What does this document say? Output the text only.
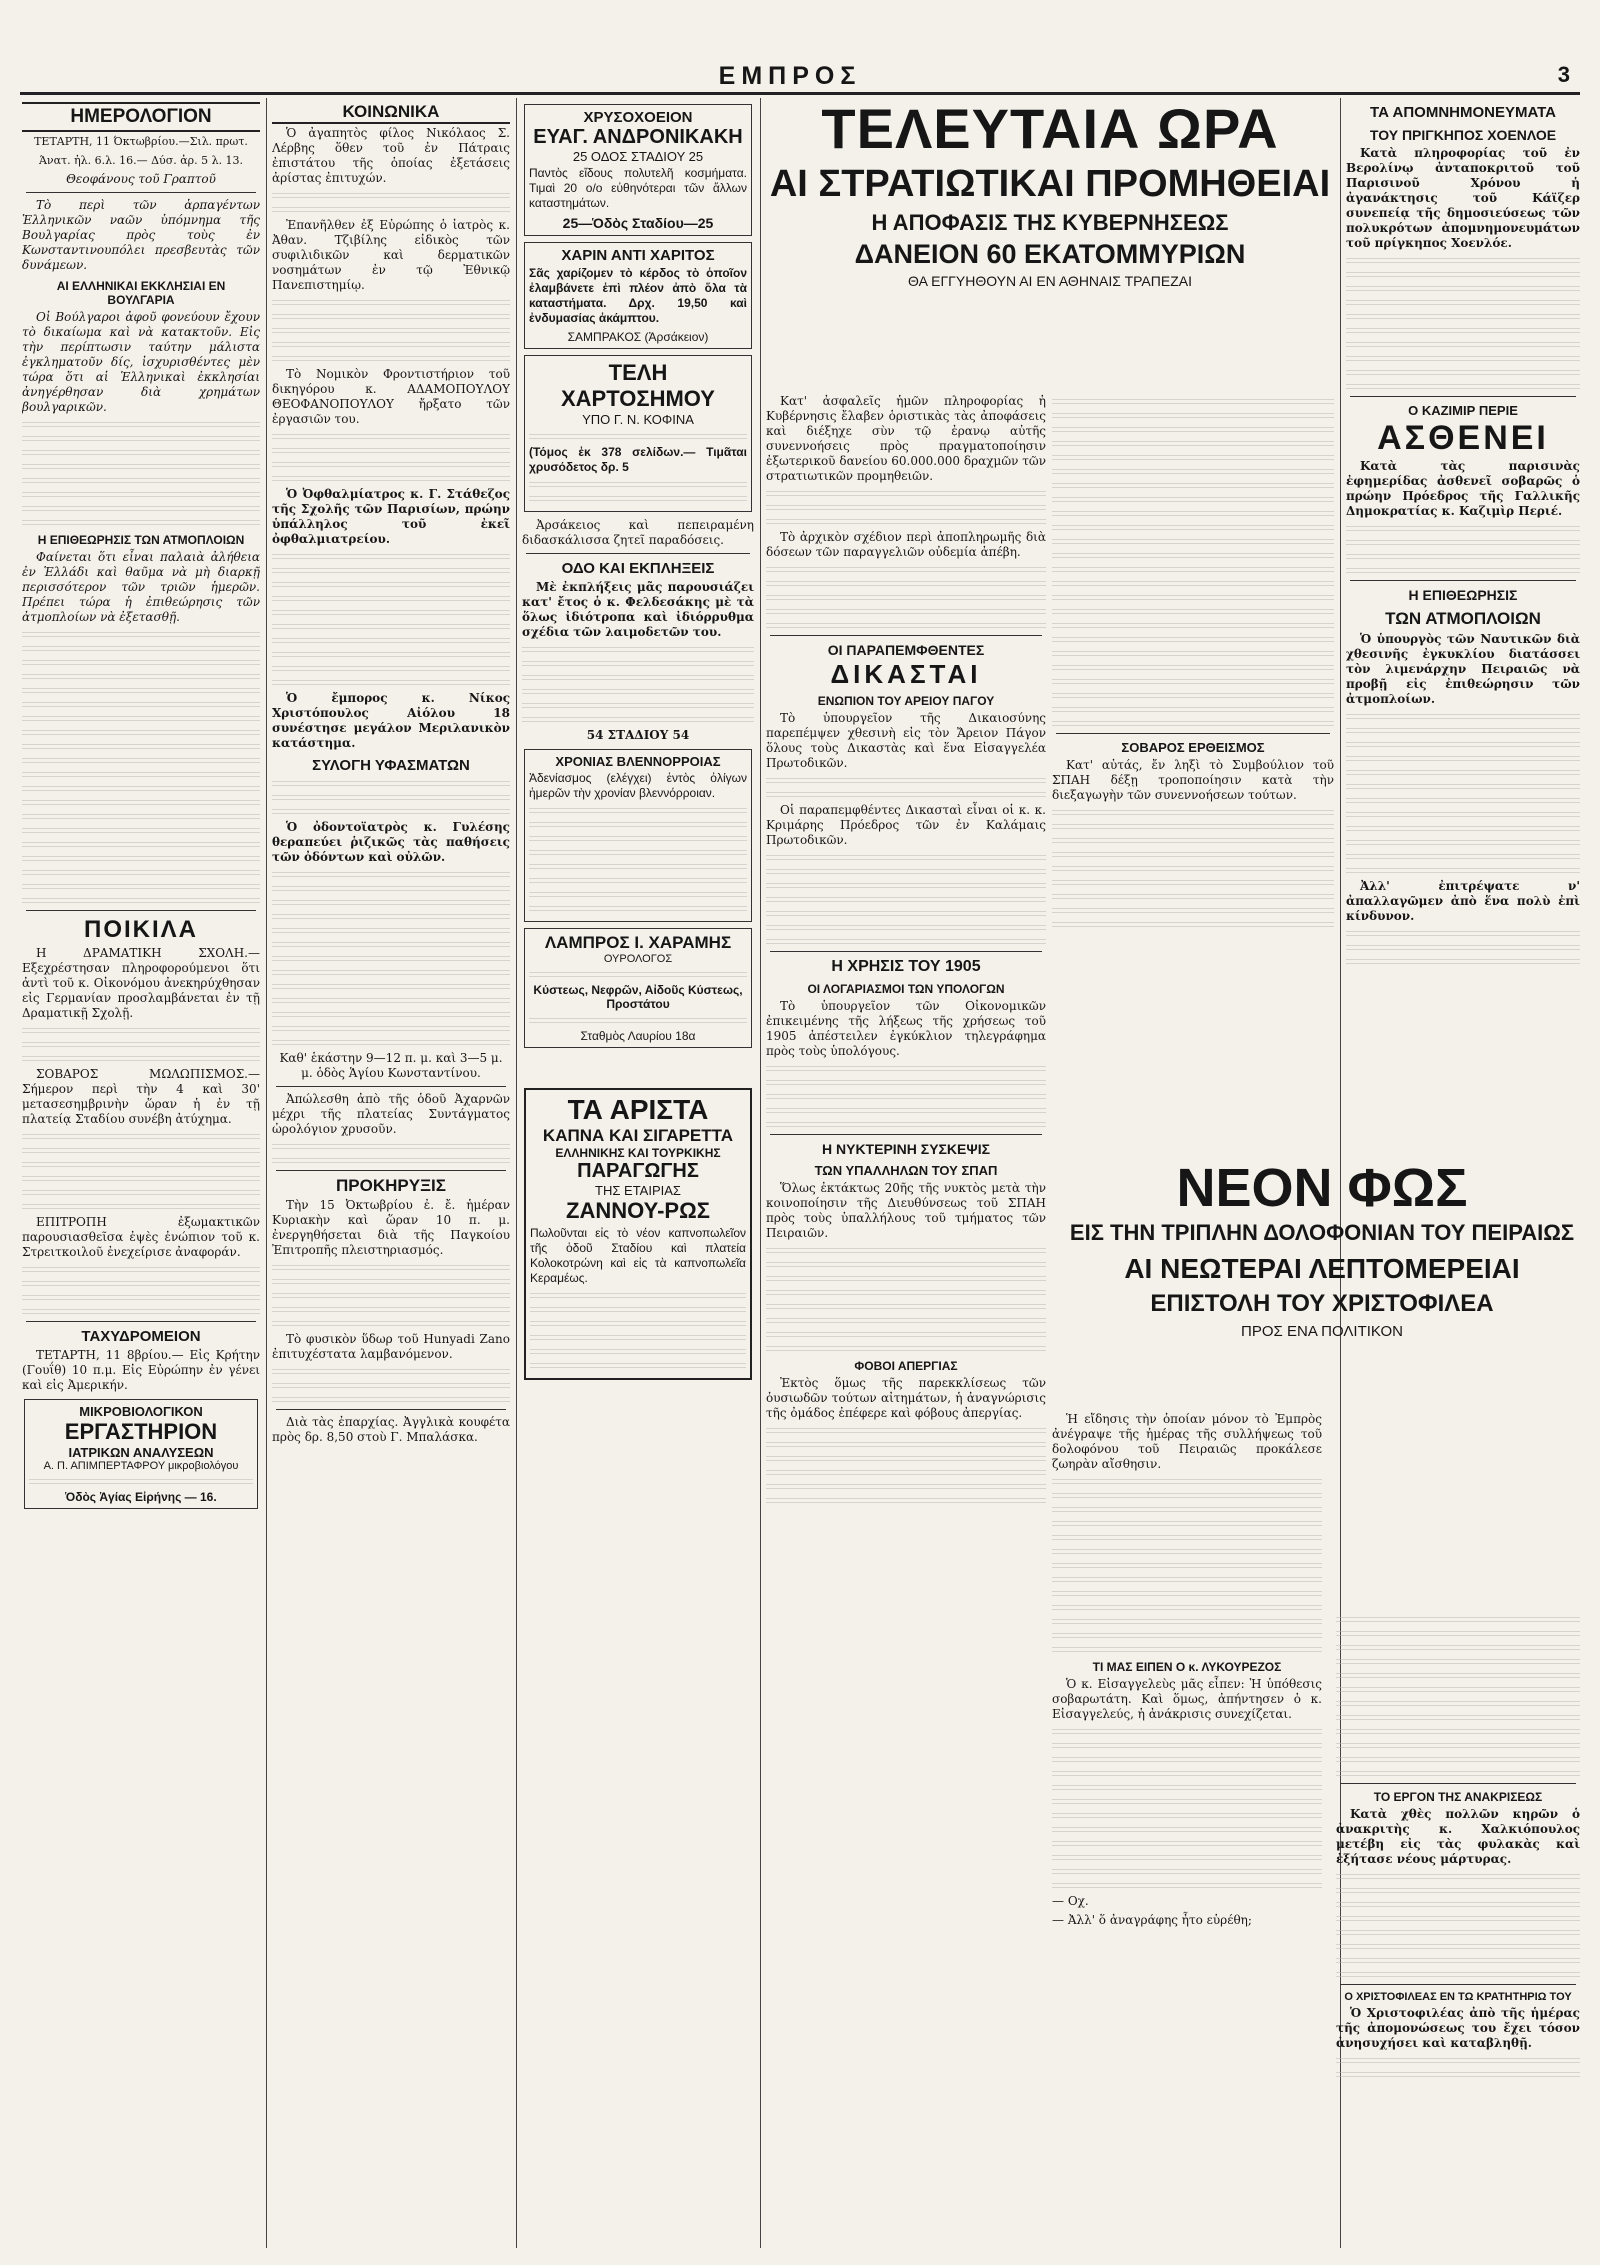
ΕΜΠΡΟΣ	3
ΗΜΕΡΟΛΟΓΙΟΝ
ΤΕΤΑΡΤΗ, 11 Όκτωβρίου.—Σιλ. πρωτ.
Άνατ. ἡλ. 6.λ. 16.— Δύσ. ἀρ. 5 λ. 13.
Θεοφάνους τοῦ Γραπτοῦ
Τὸ περὶ τῶν ἁρπαγέντων Ἑλληνικῶν ναῶν ὑπόμνημα τῆς Βουλγαρίας πρὸς τοὺς ἐν Κωνσταντινουπόλει πρεσβευτὰς τῶν δυνάμεων.
ΑΙ ΕΛΛΗΝΙΚΑΙ ΕΚΚΛΗΣΙΑΙ ΕΝ ΒΟΥΛΓΑΡΙΑ
Οἱ Βούλγαροι ἀφοῦ φονεύουν ἔχουν τὸ δικαίωμα καὶ νὰ κατακτοῦν. Εἰς τὴν περίπτωσιν ταύτην μάλιστα ἐγκληματοῦν δίς, ἰσχυρισθέντες μὲν τώρα ὅτι αἱ Ἑλληνικαὶ ἐκκλησίαι ἀνηγέρθησαν διὰ χρημάτων βουλγαρικῶν.
Η ΕΠΙΘΕΩΡΗΣΙΣ ΤΩΝ ΑΤΜΟΠΛΟΙΩΝ
Φαίνεται ὅτι εἶναι παλαιὰ ἀλήθεια ἐν Ἑλλάδι καὶ θαῦμα νὰ μὴ διαρκῇ περισσότερον τῶν τριῶν ἡμερῶν. Πρέπει τώρα ἡ ἐπιθεώρησις τῶν ἀτμοπλοίων νὰ ἐξετασθῇ.
ΠΟΙΚΙΛΑ
Η ΔΡΑΜΑΤΙΚΗ ΣΧΟΛΗ.—Εξεχρέστησαν πληροφορούμενοι ὅτι ἀντὶ τοῦ κ. Οἰκονόμου ἀνεκηρύχθησαν εἰς Γερμανίαν προσλαμβάνεται ἐν τῇ Δραματικῇ Σχολῇ.
ΣΟΒΑΡΟΣ ΜΩΛΩΠΙΣΜΟΣ.— Σήμερον περὶ τὴν 4 καὶ 30' μετασεσημβρινὴν ὥραν ἡ ἐν τῇ πλατείᾳ Σταδίου συνέβη ἀτύχημα.
ΕΠΙΤΡΟΠΗ ἐξωμακτικῶν παρουσιασθεῖσα ἐψὲς ἐνώπιον τοῦ κ. Στρειτκοιλοῦ ἐνεχείρισε ἀναφοράν.
ΤΑΧΥΔΡΟΜΕΙΟΝ
ΤΕΤΑΡΤΗ, 11 8βρίου.— Εἰς Κρήτην (Γουΐθ) 10 π.μ. Εἰς Εὐρώπην ἐν γένει καὶ εἰς Ἀμερικήν.
ΜΙΚΡΟΒΙΟΛΟΓΙΚΟΝ
ΕΡΓΑΣΤΗΡΙΟΝ
ΙΑΤΡΙΚΩΝ ΑΝΑΛΥΣΕΩΝ
Α. Π. ΑΠΙΜΠΕΡΤΑΦΡΟΥ μικροβιολόγου
Ὁδὸς Ἁγίας Εἰρήνης — 16.
ΚΟΙΝΩΝΙΚΑ
Ὁ ἀγαπητὸς φίλος Νικόλαος Σ. Λέρβης ὅθεν τοῦ ἐν Πάτραις ἐπιστάτου τῆς ὁποίας ἐξετάσεις ἀρίστας ἐπιτυχών.
Ἐπανῆλθεν ἐξ Εὐρώπης ὁ ἰατρὸς κ. Ἀθαν. Τζιβίλης εἰδικὸς τῶν συφιλιδικῶν καὶ δερματικῶν νοσημάτων ἐν τῷ Ἐθνικῷ Πανεπιστημίῳ.
Τὸ Νομικὸν Φροντιστήριον τοῦ δικηγόρου κ. ΑΔΑΜΟΠΟΥΛΟΥ ΘΕΟΦΑΝΟΠΟΥΛΟΥ ἤρξατο τῶν ἐργασιῶν του.
Ὁ Ὀφθαλμίατρος κ. Γ. Στάθεζος τῆς Σχολῆς τῶν Παρισίων, πρώην ὑπάλληλος τοῦ ἐκεῖ ὀφθαλμιατρείου.
Ὁ ἔμπορος κ. Νίκος Χριστόπουλος Αἰόλου 18 συνέστησε μεγάλον Μεριλανικὸν κατάστημα.
ΣΥΛΟΓΗ ΥΦΑΣΜΑΤΩΝ
Ὁ ὀδοντοϊατρὸς κ. Γυλέσης θεραπεύει ῥιζικῶς τὰς παθήσεις τῶν ὀδόντων καὶ οὐλῶν.
Καθ' ἑκάστην 9—12 π. μ. καὶ 3—5 μ. μ. ὁδὸς Ἁγίου Κωνσταντίνου.
Ἀπώλεσθη ἀπὸ τῆς ὁδοῦ Ἀχαρνῶν μέχρι τῆς πλατείας Συντάγματος ὠρολόγιον χρυσοῦν.
ΠΡΟΚΗΡΥΞΙΣ
Τὴν 15 Ὀκτωβρίου ἐ. ἔ. ἡμέραν Κυριακὴν καὶ ὥραν 10 π. μ. ἐνεργηθήσεται διὰ τῆς Παγκοίου Ἐπιτροπῆς πλειστηριασμός.
Τὸ φυσικὸν ὕδωρ τοῦ Hunyadi Zano ἐπιτυχέστατα λαμβανόμενον.
Διὰ τὰς ἐπαρχίας. Ἀγγλικὰ κουφέτα πρὸς δρ. 8,50 στοὺ Γ. Μπαλάσκα.
ΧΡΥΣΟΧΟΕΙΟΝ
ΕΥΑΓ. ΑΝΔΡΟΝΙΚΑΚΗ
25 ΟΔΟΣ ΣΤΑΔΙΟΥ 25
Παντὸς εἴδους πολυτελῆ κοσμήματα. Τιμαὶ 20 ο/ο εὐθηνότεραι τῶν ἄλλων καταστημάτων.
25—Ὁδὸς Σταδίου—25
ΧΑΡΙΝ ΑΝΤΙ ΧΑΡΙΤΟΣ
Σᾶς χαρίζομεν τὸ κέρδος τὸ ὁποῖον ἐλαμβάνετε ἐπὶ πλέον ἀπὸ ὅλα τὰ καταστήματα. Δρχ. 19,50 καὶ ἐνδυμασίας ἀκάμπτου.
ΣΑΜΠΡΑΚΟΣ (Ἀρσάκειον)
ΤΕΛΗ ΧΑΡΤΟΣΗΜΟΥ
ΥΠΟ Γ. Ν. ΚΟΦΙΝΑ
(Τόμος ἐκ 378 σελίδων.— Τιμᾶται χρυσόδετος δρ. 5
Ἀρσάκειος καὶ πεπειραμένη διδασκάλισσα ζητεῖ παραδόσεις.
ΟΔΟ ΚΑΙ ΕΚΠΛΗΞΕΙΣ
Μὲ ἐκπλήξεις μᾶς παρουσιάζει κατ' ἔτος ὁ κ. Φελδεσάκης μὲ τὰ ὅλως ἰδιότροπα καὶ ἰδιόρρυθμα σχέδια τῶν λαιμοδετῶν του.
54 ΣΤΑΔΙΟΥ 54
ΧΡΟΝΙΑΣ ΒΛΕΝΝΟΡΡΟΙΑΣ
Ἀδενίασμος (ελέγχει) ἐντὸς ὀλίγων ἡμερῶν τὴν χρονίαν βλεννόρροιαν.
ΛΑΜΠΡΟΣ Ι. ΧΑΡΑΜΗΣ
ΟΥΡΟΛΟΓΟΣ
Κύστεως, Νεφρῶν, Αἰδοῦς Κύστεως, Προστάτου
Σταθμὸς Λαυρίου 18α
ΤΑ ΑΡΙΣΤΑ
ΚΑΠΝΑ ΚΑΙ ΣΙΓΑΡΕΤΤΑ
ΕΛΛΗΝΙΚΗΣ ΚΑΙ ΤΟΥΡΚΙΚΗΣ
ΠΑΡΑΓΩΓΗΣ
ΤΗΣ ΕΤΑΙΡΙΑΣ
ΖΑΝΝΟΥ-ΡΩΣ
Πωλοῦνται εἰς τὸ νέον καπνοπωλεῖον τῆς ὁδοῦ Σταδίου καὶ πλατεία Κολοκοτρώνη καὶ εἰς τὰ καπνοπωλεῖα Κεραμέως.
ΤΕΛΕΥΤΑΙΑ ΩΡΑ
ΑΙ ΣΤΡΑΤΙΩΤΙΚΑΙ ΠΡΟΜΗΘΕΙΑΙ
Η ΑΠΟΦΑΣΙΣ ΤΗΣ ΚΥΒΕΡΝΗΣΕΩΣ
ΔΑΝΕΙΟΝ 60 ΕΚΑΤΟΜΜΥΡΙΩΝ
ΘΑ ΕΓΓΥΗΘΟΥΝ ΑΙ ΕΝ ΑΘΗΝΑΙΣ ΤΡΑΠΕΖΑΙ
Κατ' ἀσφαλεῖς ἡμῶν πληροφορίας ἡ Κυβέρνησις ἔλαβεν ὁριστικὰς τὰς ἀποφάσεις καὶ διέξηχε σὺν τῷ ἐρανῳ αὐτῆς συνεννοήσεις πρὸς πραγματοποίησιν ἐξωτερικοῦ δανείου 60.000.000 δραχμῶν τῶν στρατιωτικῶν προμηθειῶν.
Τὸ ἀρχικὸν σχέδιον περὶ ἀποπληρωμῆς διὰ δόσεων τῶν παραγγελιῶν οὐδεμία ἀπέβη.
ΟΙ ΠΑΡΑΠΕΜΦΘΕΝΤΕΣ
ΔΙΚΑΣΤΑΙ
ΕΝΩΠΙΟΝ ΤΟΥ ΑΡΕΙΟΥ ΠΑΓΟΥ
Τὸ ὑπουργεῖον τῆς Δικαιοσύνης παρεπέμψεν χθεσινὴ εἰς τὸν Ἄρειον Πάγον ὅλους τοὺς Δικαστὰς καὶ ἕνα Εἰσαγγελέα Πρωτοδικῶν.
Οἱ παραπεμφθέντες Δικασταὶ εἶναι οἱ κ. κ. Κριμάρης Πρόεδρος τῶν ἐν Καλάμαις Πρωτοδικῶν.
Η ΧΡΗΣΙΣ ΤΟΥ 1905
ΟΙ ΛΟΓΑΡΙΑΣΜΟΙ ΤΩΝ ΥΠΟΛΟΓΩΝ
Τὸ ὑπουργεῖον τῶν Οἰκονομικῶν ἐπικειμένης τῆς λήξεως τῆς χρήσεως τοῦ 1905 ἀπέστειλεν ἐγκύκλιον τηλεγράφημα πρὸς τοὺς ὑπολόγους.
Η ΝΥΚΤΕΡΙΝΗ ΣΥΣΚΕΨΙΣ
ΤΩΝ ΥΠΑΛΛΗΛΩΝ ΤΟΥ ΣΠΑΠ
Ὅλως ἐκτάκτως 20ῆς τῆς νυκτὸς μετὰ τὴν κοινοποίησιν τῆς Διευθύνσεως τοῦ ΣΠΑΗ πρὸς τοὺς ὑπαλλήλους τοῦ τμήματος τῶν Πειραιῶν.
ΦΟΒΟΙ ΑΠΕΡΓΙΑΣ
Ἐκτὸς ὅμως τῆς παρεκκλίσεως τῶν ὀυσιωδῶν τούτων αἰτημάτων, ἡ ἀναγνώρισις τῆς ὀμάδος ἐπέφερε καὶ φόβους ἀπεργίας.
ΣΟΒΑΡΟΣ ΕΡΘΕΙΣΜΟΣ
Κατ' αὐτάς, ἔν ληξὶ τὸ Συμβούλιον τοῦ ΣΠΑΗ δέξῃ τροποποίησιν κατὰ τὴν διεξαγωγὴν τῶν συνεννοήσεων τούτων.
ΝΕΟΝ ΦΩΣ
ΕΙΣ ΤΗΝ ΤΡΙΠΛΗΝ ΔΟΛΟΦΟΝΙΑΝ ΤΟΥ ΠΕΙΡΑΙΩΣ
ΑΙ ΝΕΩΤΕΡΑΙ ΛΕΠΤΟΜΕΡΕΙΑΙ
ΕΠΙΣΤΟΛΗ ΤΟΥ ΧΡΙΣΤΟΦΙΛΕΑ
ΠΡΟΣ ΕΝΑ ΠΟΛΙΤΙΚΟΝ
Ἡ εἴδησις τὴν ὁποίαν μόνον τὸ Ἐμπρὸς ἀνέγραψε τῆς ἡμέρας τῆς συλλήψεως τοῦ δολοφόνου τοῦ Πειραιῶς προκάλεσε ζωηρὰν αἴσθησιν.
ΤΙ ΜΑΣ ΕΙΠΕΝ Ο κ. ΛΥΚΟΥΡΕΖΟΣ
Ὁ κ. Εἰσαγγελεὺς μᾶς εἶπεν: Ἡ ὑπόθεσις σοβαρωτάτη. Καὶ ὅμως, ἀπήντησεν ὁ κ. Εἰσαγγελεύς, ἡ ἀνάκρισις συνεχίζεται.
— Οχ.
— Ἀλλ' ὅ ἀναγράφης ἦτο εὑρέθη;
ΤΑ ΑΠΟΜΝΗΜΟΝΕΥΜΑΤΑ
ΤΟΥ ΠΡΙΓΚΗΠΟΣ ΧΟΕΝΛΟΕ
Κατὰ πληροφορίας τοῦ ἐν Βερολίνῳ ἀνταποκριτοῦ τοῦ Παρισινοῦ Χρόνου ἡ ἀγανάκτησις τοῦ Κάϊζερ συνεπείᾳ τῆς δημοσιεύσεως τῶν πολυκρότων ἀπομνημονευμάτων τοῦ πρίγκηπος Χοενλόε.
Ο ΚΑΖΙΜΙΡ ΠΕΡΙΕ
ΑΣΘΕΝΕΙ
Κατὰ τὰς παρισινὰς ἐφημερίδας ἀσθενεῖ σοβαρῶς ὁ πρώην Πρόεδρος τῆς Γαλλικῆς Δημοκρατίας κ. Καζιμὶρ Περιέ.
Η ΕΠΙΘΕΩΡΗΣΙΣ
ΤΩΝ ΑΤΜΟΠΛΟΙΩΝ
Ὁ ὑπουργὸς τῶν Ναυτικῶν διὰ χθεσινῆς ἐγκυκλίου διατάσσει τὸν λιμενάρχην Πειραιῶς νὰ προβῇ εἰς ἐπιθεώρησιν τῶν ἀτμοπλοίων.
Ἀλλ' ἐπιτρέψατε ν' ἀπαλλαγῶμεν ἀπὸ ἕνα πολὺ ἐπὶ κίνδυνον.
ΤΟ ΕΡΓΟΝ ΤΗΣ ΑΝΑΚΡΙΣΕΩΣ
Κατὰ χθὲς πολλῶν κηρῶν ὁ ἀνακριτὴς κ. Χαλκιόπουλος μετέβη εἰς τὰς φυλακὰς καὶ ἐξήτασε νέους μάρτυρας.
Ο ΧΡΙΣΤΟΦΙΛΕΑΣ ΕΝ ΤΩ ΚΡΑΤΗΤΗΡΙΩ ΤΟΥ
Ὁ Χριστοφιλέας ἀπὸ τῆς ἡμέρας τῆς ἀπομονώσεως του ἔχει τόσον ἀνησυχήσει καὶ καταβληθῇ.
